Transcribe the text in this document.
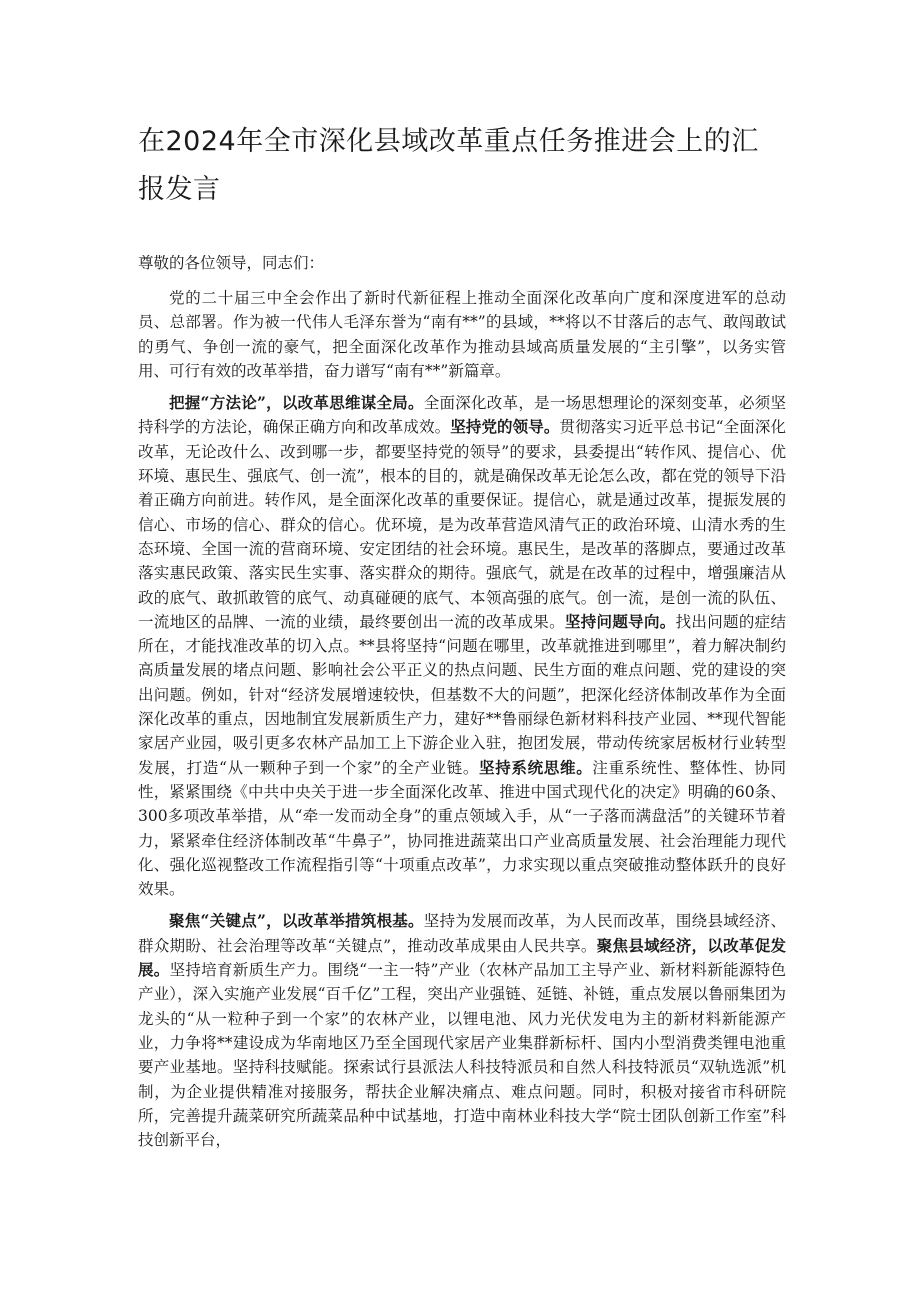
在2024年全市深化县域改革重点任务推进会上的汇报发言

尊敬的各位领导，同志们：

党的二十届三中全会作出了新时代新征程上推动全面深化改革向广度和深度进军的总动员、总部署。作为被一代伟人毛泽东誉为“南有**”的县域，**将以不甘落后的志气、敢闯敢试的勇气、争创一流的豪气，把全面深化改革作为推动县域高质量发展的“主引擎”，以务实管用、可行有效的改革举措，奋力谱写“南有**”新篇章。

把握“方法论”，以改革思维谋全局。全面深化改革，是一场思想理论的深刻变革，必须坚持科学的方法论，确保正确方向和改革成效。坚持党的领导。贯彻落实习近平总书记“全面深化改革，无论改什么、改到哪一步，都要坚持党的领导”的要求，县委提出“转作风、提信心、优环境、惠民生、强底气、创一流”，根本的目的，就是确保改革无论怎么改，都在党的领导下沿着正确方向前进。转作风，是全面深化改革的重要保证。提信心，就是通过改革，提振发展的信心、市场的信心、群众的信心。优环境，是为改革营造风清气正的政治环境、山清水秀的生态环境、全国一流的营商环境、安定团结的社会环境。惠民生，是改革的落脚点，要通过改革落实惠民政策、落实民生实事、落实群众的期待。强底气，就是在改革的过程中，增强廉洁从政的底气、敢抓敢管的底气、动真碰硬的底气、本领高强的底气。创一流，是创一流的队伍、一流地区的品牌、一流的业绩，最终要创出一流的改革成果。坚持问题导向。找出问题的症结所在，才能找准改革的切入点。**县将坚持“问题在哪里，改革就推进到哪里”，着力解决制约高质量发展的堵点问题、影响社会公平正义的热点问题、民生方面的难点问题、党的建设的突出问题。例如，针对“经济发展增速较快，但基数不大的问题”，把深化经济体制改革作为全面深化改革的重点，因地制宜发展新质生产力，建好**鲁丽绿色新材料科技产业园、**现代智能家居产业园，吸引更多农林产品加工上下游企业入驻，抱团发展，带动传统家居板材行业转型发展，打造“从一颗种子到一个家”的全产业链。坚持系统思维。注重系统性、整体性、协同性，紧紧围绕《中共中央关于进一步全面深化改革、推进中国式现代化的决定》明确的60条、300多项改革举措，从“牵一发而动全身”的重点领域入手，从“一子落而满盘活”的关键环节着力，紧紧牵住经济体制改革“牛鼻子”，协同推进蔬菜出口产业高质量发展、社会治理能力现代化、强化巡视整改工作流程指引等“十项重点改革”，力求实现以重点突破推动整体跃升的良好效果。

聚焦“关键点”，以改革举措筑根基。坚持为发展而改革，为人民而改革，围绕县域经济、群众期盼、社会治理等改革“关键点”，推动改革成果由人民共享。聚焦县域经济，以改革促发展。坚持培育新质生产力。围绕“一主一特”产业（农林产品加工主导产业、新材料新能源特色产业），深入实施产业发展“百千亿”工程，突出产业强链、延链、补链，重点发展以鲁丽集团为龙头的“从一粒种子到一个家”的农林产业，以锂电池、风力光伏发电为主的新材料新能源产业，力争将**建设成为华南地区乃至全国现代家居产业集群新标杆、国内小型消费类锂电池重要产业基地。坚持科技赋能。探索试行县派法人科技特派员和自然人科技特派员“双轨选派”机制，为企业提供精准对接服务，帮扶企业解决痛点、难点问题。同时，积极对接省市科研院所，完善提升蔬菜研究所蔬菜品种中试基地，打造中南林业科技大学“院士团队创新工作室”科技创新平台，
